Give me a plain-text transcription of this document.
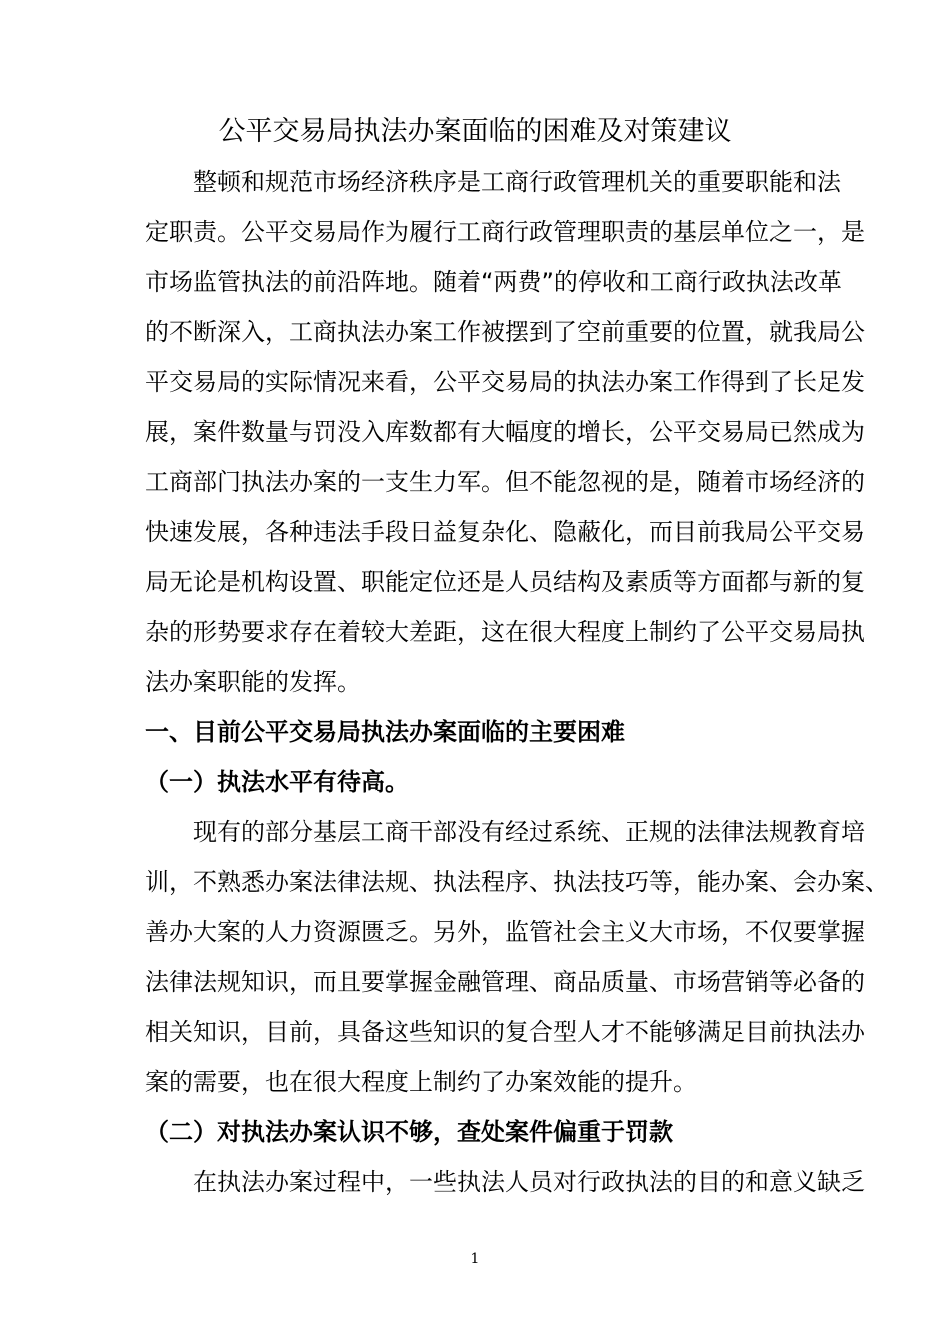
公平交易局执法办案面临的困难及对策建议
整 顿 和 规 范 市 场 经 济 秩 序 是 工 商 行 政 管 理 机 关 的 重 要 职 能 和 法
定 职 责 。 公 平 交 易 局 作 为 履 行 工 商 行 政 管 理 职 责 的 基 层 单 位 之 一 ， 是
市 场 监 管 执 法 的 前 沿 阵 地 。 随 着 “ 两 费 ” 的 停 收 和 工 商 行 政 执 法 改 革
的 不 断 深 入 ， 工 商 执 法 办 案 工 作 被 摆 到 了 空 前 重 要 的 位 置 ， 就 我 局 公
平 交 易 局 的 实 际 情 况 来 看 ， 公 平 交 易 局 的 执 法 办 案 工 作 得 到 了 长 足 发
展 ， 案 件 数 量 与 罚 没 入 库 数 都 有 大 幅 度 的 增 长 ， 公 平 交 易 局 已 然 成 为
工 商 部 门 执 法 办 案 的 一 支 生 力 军 。 但 不 能 忽 视 的 是 ， 随 着 市 场 经 济 的
快 速 发 展 ， 各 种 违 法 手 段 日 益 复 杂 化 、 隐 蔽 化 ， 而 目 前 我 局 公 平 交 易
局 无 论 是 机 构 设 置 、 职 能 定 位 还 是 人 员 结 构 及 素 质 等 方 面 都 与 新 的 复
杂 的 形 势 要 求 存 在 着 较 大 差 距 ， 这 在 很 大 程 度 上 制 约 了 公 平 交 易 局 执
法办案职能的发挥。
一、目前公平交易局执法办案面临的主要困难
（一）执法水平有待高。
现 有 的 部 分 基 层 工 商 干 部 没 有 经 过 系 统 、 正 规 的 法 律 法 规 教 育 培
训 ， 不 熟 悉 办 案 法 律 法 规 、 执 法 程 序 、 执 法 技 巧 等 ， 能 办 案 、 会 办 案 、
善 办 大 案 的 人 力 资 源 匮 乏 。 另 外 ， 监 管 社 会 主 义 大 市 场 ， 不 仅 要 掌 握
法 律 法 规 知 识 ， 而 且 要 掌 握 金 融 管 理 、 商 品 质 量 、 市 场 营 销 等 必 备 的
相 关 知 识 ， 目 前 ， 具 备 这 些 知 识 的 复 合 型 人 才 不 能 够 满 足 目 前 执 法 办
案的需要，也在很大程度上制约了办案效能的提升。
（二）对执法办案认识不够，查处案件偏重于罚款
在 执 法 办 案 过 程 中 ， 一 些 执 法 人 员 对 行 政 执 法 的 目 的 和 意 义 缺 乏
1
